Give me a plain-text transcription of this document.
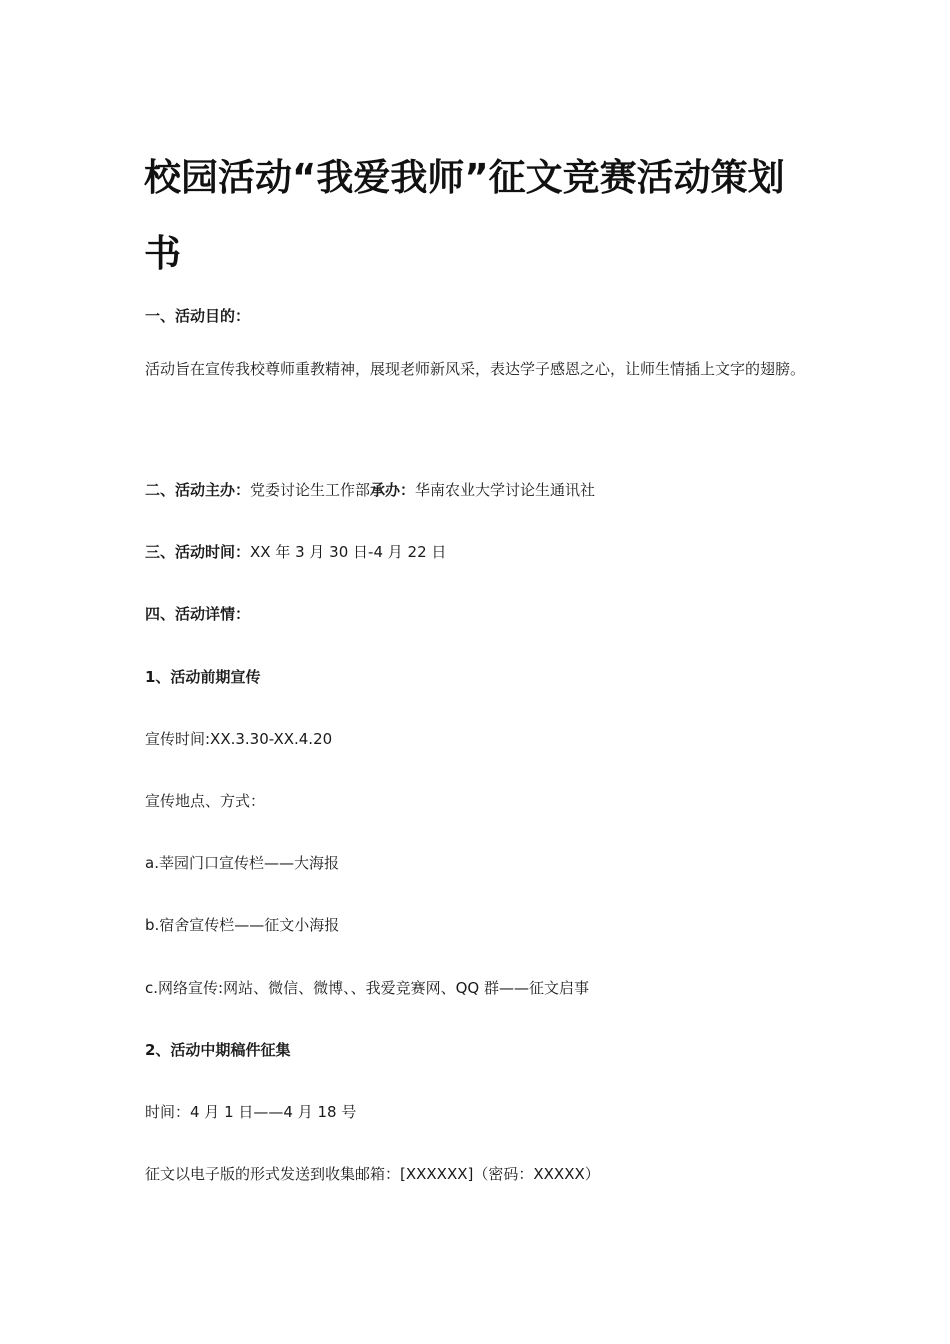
校园活动“我爱我师”征文竞赛活动策划书

一、活动目的：

活动旨在宣传我校尊师重教精神，展现老师新风采，表达学子感恩之心，让师生情插上文字的翅膀。

二、活动主办：党委讨论生工作部承办：华南农业大学讨论生通讯社

三、活动时间：XX 年 3 月 30 日-4 月 22 日

四、活动详情：

1、活动前期宣传

宣传时间:XX.3.30-XX.4.20

宣传地点、方式：

a.莘园门口宣传栏——大海报

b.宿舍宣传栏——征文小海报

c.网络宣传:网站、微信、微博、、我爱竞赛网、QQ 群——征文启事

2、活动中期稿件征集

时间：4 月 1 日——4 月 18 号

征文以电子版的形式发送到收集邮箱：[XXXXXX]（密码：XXXXX）
